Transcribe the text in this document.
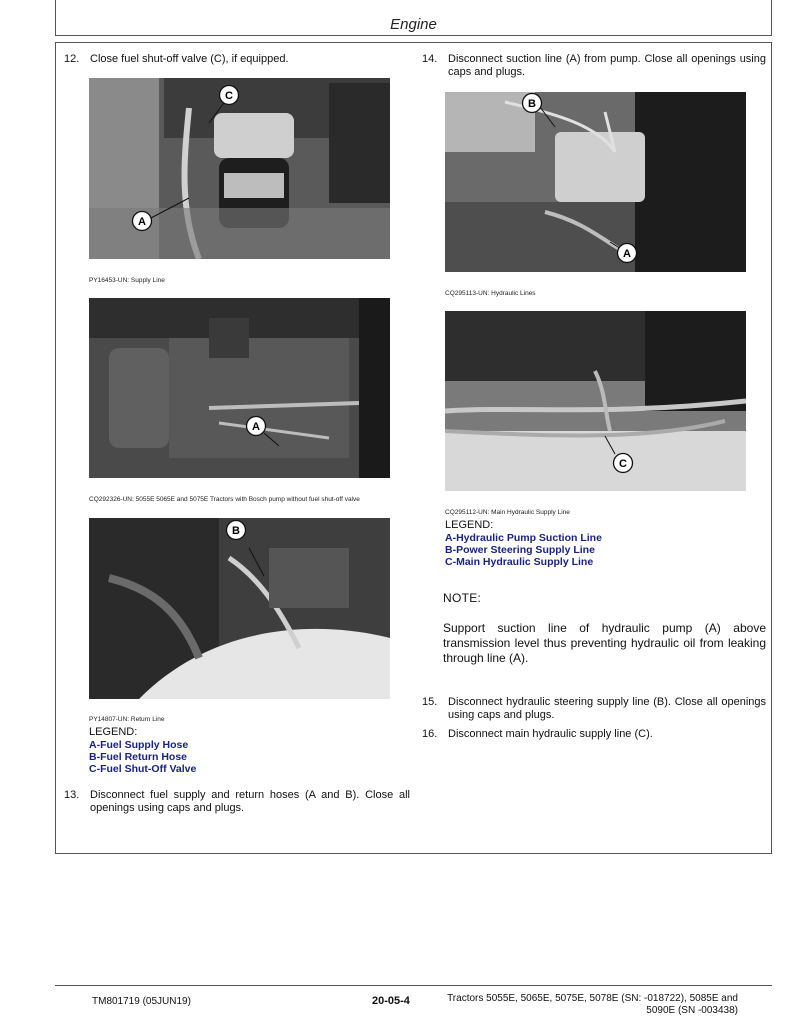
Engine
12. Close fuel shut-off valve (C), if equipped.
C
A
PY16453-UN: Supply Line
A
CQ292326-UN: 5055E 5065E and 5075E Tractors with Bosch pump without fuel shut-off valve
B
PY14807-UN: Return Line
LEGEND:
A-Fuel Supply Hose
B-Fuel Return Hose
C-Fuel Shut-Off Valve
13. Disconnect fuel supply and return hoses (A and B). Close all openings using caps and plugs.
14. Disconnect suction line (A) from pump. Close all openings using caps and plugs.
B
A
CQ295113-UN: Hydraulic Lines
C
CQ295112-UN: Main Hydraulic Supply Line
LEGEND:
A-Hydraulic Pump Suction Line
B-Power Steering Supply Line
C-Main Hydraulic Supply Line
NOTE:
Support suction line of hydraulic pump (A) above transmission level thus preventing hydraulic oil from leaking through line (A).
15. Disconnect hydraulic steering supply line (B). Close all openings using caps and plugs.
16. Disconnect main hydraulic supply line (C).
TM801719 (05JUN19)	20-05-4	Tractors 5055E, 5065E, 5075E, 5078E (SN: -018722), 5085E and 5090E (SN -003438)
